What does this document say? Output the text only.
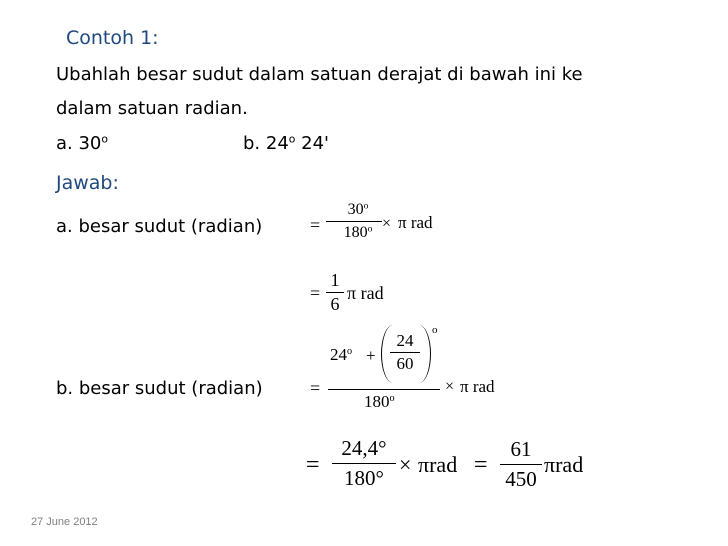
Contoh 1:
Ubahlah besar sudut dalam satuan derajat di bawah ini ke
dalam satuan radian.
a. 30$^o$	b. 24$^o$ 24'
Jawab:
a. besar sudut (radian)	=
$30^o$
$180^o \times \pi$ rad
=
1
6
π rad
b. besar sudut (radian)	=
$24^o$ +
24
60
o
$180^o$
× π rad
=
24,4°
180°
× πrad =
61
450
πrad
27 June 2012
